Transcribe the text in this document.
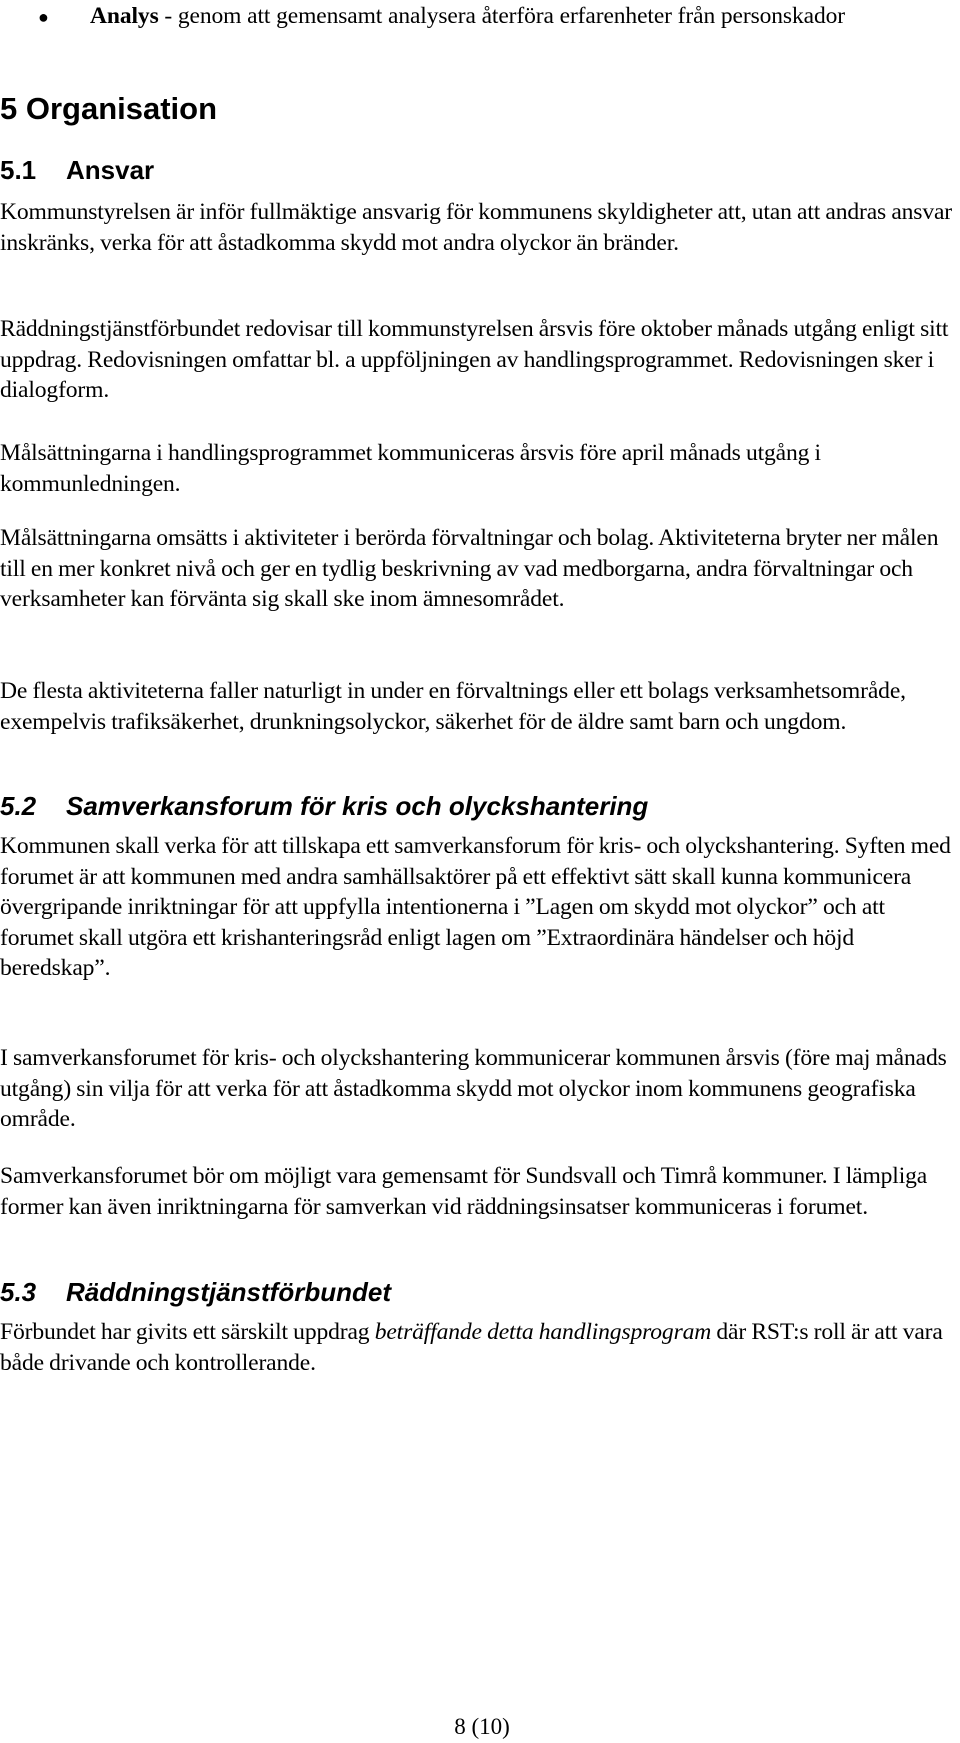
● Analys - genom att gemensamt analysera återföra erfarenheter från personskador
5 Organisation
5.1 Ansvar

Kommunstyrelsen är inför fullmäktige ansvarig för kommunens skyldigheter att, utan att andras ansvar inskränks, verka för att åstadkomma skydd mot andra olyckor än bränder.

Räddningstjänstförbundet redovisar till kommunstyrelsen årsvis före oktober månads utgång enligt sitt uppdrag. Redovisningen omfattar bl. a uppföljningen av handlingsprogrammet. Redovisningen sker i dialogform.

Målsättningarna i handlingsprogrammet kommuniceras årsvis före april månads utgång i kommunledningen.

Målsättningarna omsätts i aktiviteter i berörda förvaltningar och bolag. Aktiviteterna bryter ner målen till en mer konkret nivå och ger en tydlig beskrivning av vad medborgarna, andra förvaltningar och verksamheter kan förvänta sig skall ske inom ämnesområdet.

De flesta aktiviteterna faller naturligt in under en förvaltnings eller ett bolags verksamhetsområde, exempelvis trafiksäkerhet, drunkningsolyckor, säkerhet för de äldre samt barn och ungdom.

5.2 Samverkansforum för kris och olyckshantering

Kommunen skall verka för att tillskapa ett samverkansforum för kris- och olyckshantering. Syften med forumet är att kommunen med andra samhällsaktörer på ett effektivt sätt skall kunna kommunicera övergripande inriktningar för att uppfylla intentionerna i ”Lagen om skydd mot olyckor” och att forumet skall utgöra ett krishanteringsråd enligt lagen om ”Extraordinära händelser och höjd beredskap”.

I samverkansforumet för kris- och olyckshantering kommunicerar kommunen årsvis (före maj månads utgång) sin vilja för att verka för att åstadkomma skydd mot olyckor inom kommunens geografiska område.

Samverkansforumet bör om möjligt vara gemensamt för Sundsvall och Timrå kommuner. I lämpliga former kan även inriktningarna för samverkan vid räddningsinsatser kommuniceras i forumet.

5.3 Räddningstjänstförbundet

Förbundet har givits ett särskilt uppdrag beträffande detta handlingsprogram där RST:s roll är att vara både drivande och kontrollerande.

8 (10)
